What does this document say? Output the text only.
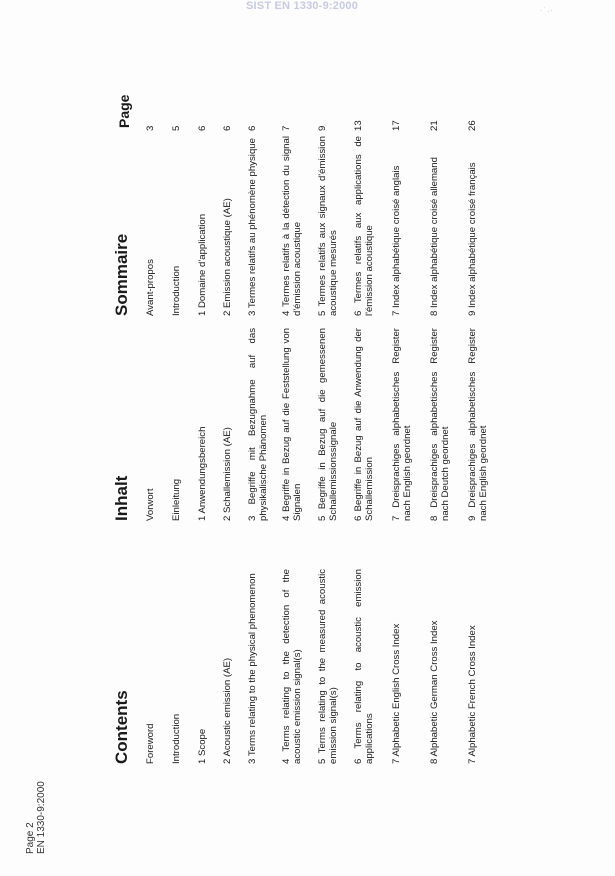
SIST EN 1330-9:2000	· ˙ . ·
Page 2 EN 1330-9:2000
Contents
Inhalt
Sommaire
Page
Foreword
Vorwort
Avant-propos
3
Introduction
Einleitung
Introduction
5
1 Scope
1 Anwendungsbereich
1 Domaine d'application
6
2 Acoustic emission (AE)
2 Schallemission (AE)
2 Emission acoustique (AE)
6
3 Terms relating to the physical phenomenon
3 Begriffe mit Bezugnahme auf das physikalische Phänomen
3 Termes relatifs au phénomène physique
6
4 Terms relating to the detection of the acoustic emission signal(s)
4 Begriffe in Bezug auf die Feststellung von Signalen
4 Termes relatifs à la détection du signal d'émission acoustique
7
5 Terms relating to the measured acoustic emission signal(s)
5 Begriffe in Bezug auf die gemessenen Schallemissionssignale
5 Termes relatifs aux signaux d'émission acoustique mesurés
9
6 Terms relating to acoustic emission applications
6 Begriffe in Bezug auf die Anwendung der Schallemission
6 Termes relatifs aux applications de l'émission acoustique
13
7 Alphabetic English Cross Index
7 Dreisprachiges alphabetisches Register nach English geordnet
7 Index alphabétique croisé anglais
17
8 Alphabetic German Cross Index
8 Dreisprachiges alphabetisches Register nach Deutch geordnet
8 Index alphabétique croisé allemand
21
7 Alphabetic French Cross Index
9 Dreisprachiges alphabetisches Register nach English geordnet
9 Index alphabétique croisé français
26
